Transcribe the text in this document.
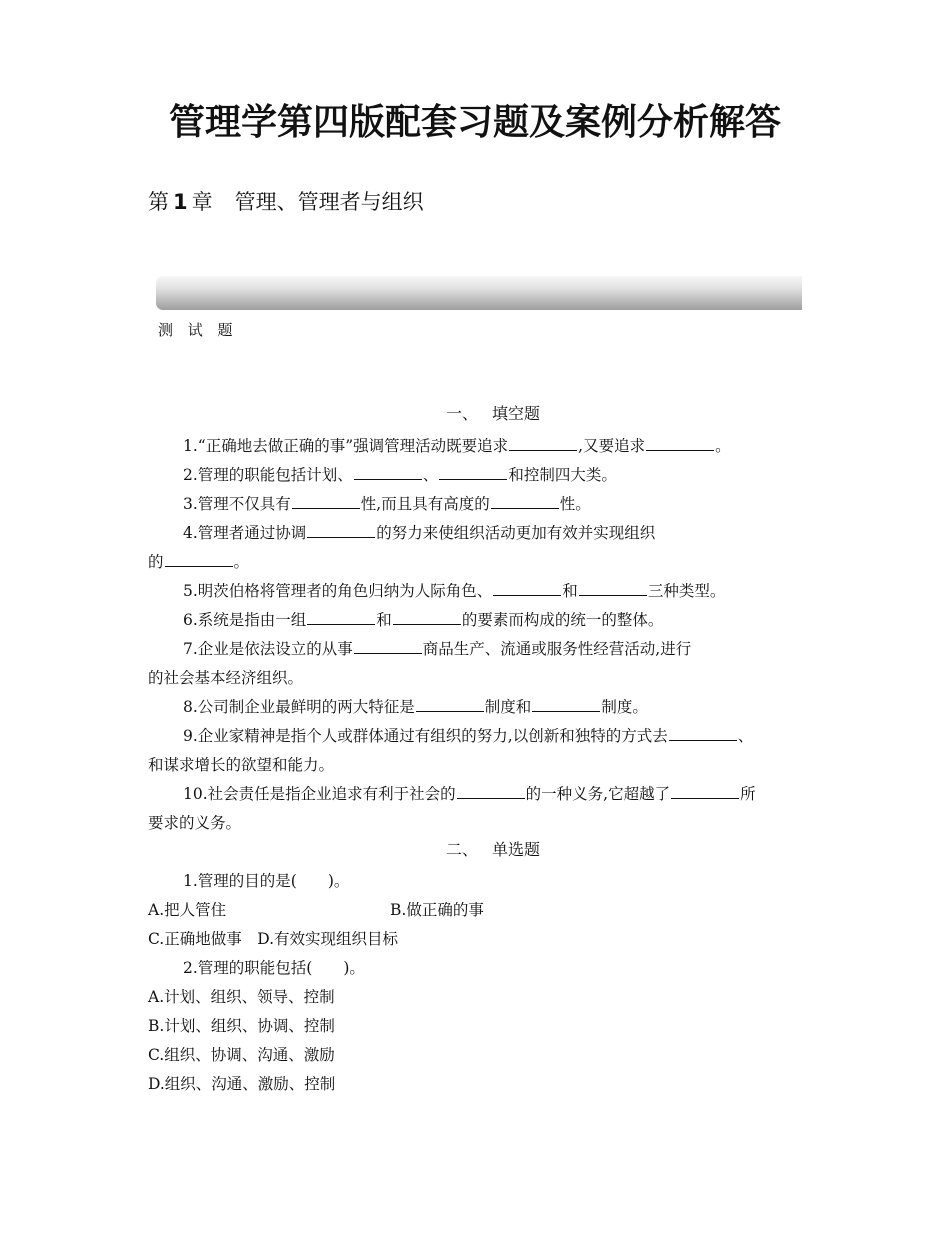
管理学第四版配套习题及案例分析解答
第 1 章 管理、管理者与组织
测 试 题
一、 填空题
1.“正确地去做正确的事”强调管理活动既要追求	,又要追求	。
2.管理的职能包括计划、	、	和控制四大类。
3.管理不仅具有	性,而且具有高度的	性。
4.管理者通过协调	的努力来使组织活动更加有效并实现组织
的	。
5.明茨伯格将管理者的角色归纳为人际角色、	和	三种类型。
6.系统是指由一组	和	的要素而构成的统一的整体。
7.企业是依法设立的从事	商品生产、流通或服务性经营活动,进行
的社会基本经济组织。
8.公司制企业最鲜明的两大特征是	制度和	制度。
9.企业家精神是指个人或群体通过有组织的努力,以创新和独特的方式去	、
和谋求增长的欲望和能力。
10.社会责任是指企业追求有利于社会的	的一种义务,它超越了	所
要求的义务。
二、 单选题
1.管理的目的是(　　)。
A.把人管住	B.做正确的事
C.正确地做事　D.有效实现组织目标
2.管理的职能包括(　　)。
A.计划、组织、领导、控制
B.计划、组织、协调、控制
C.组织、协调、沟通、激励
D.组织、沟通、激励、控制
